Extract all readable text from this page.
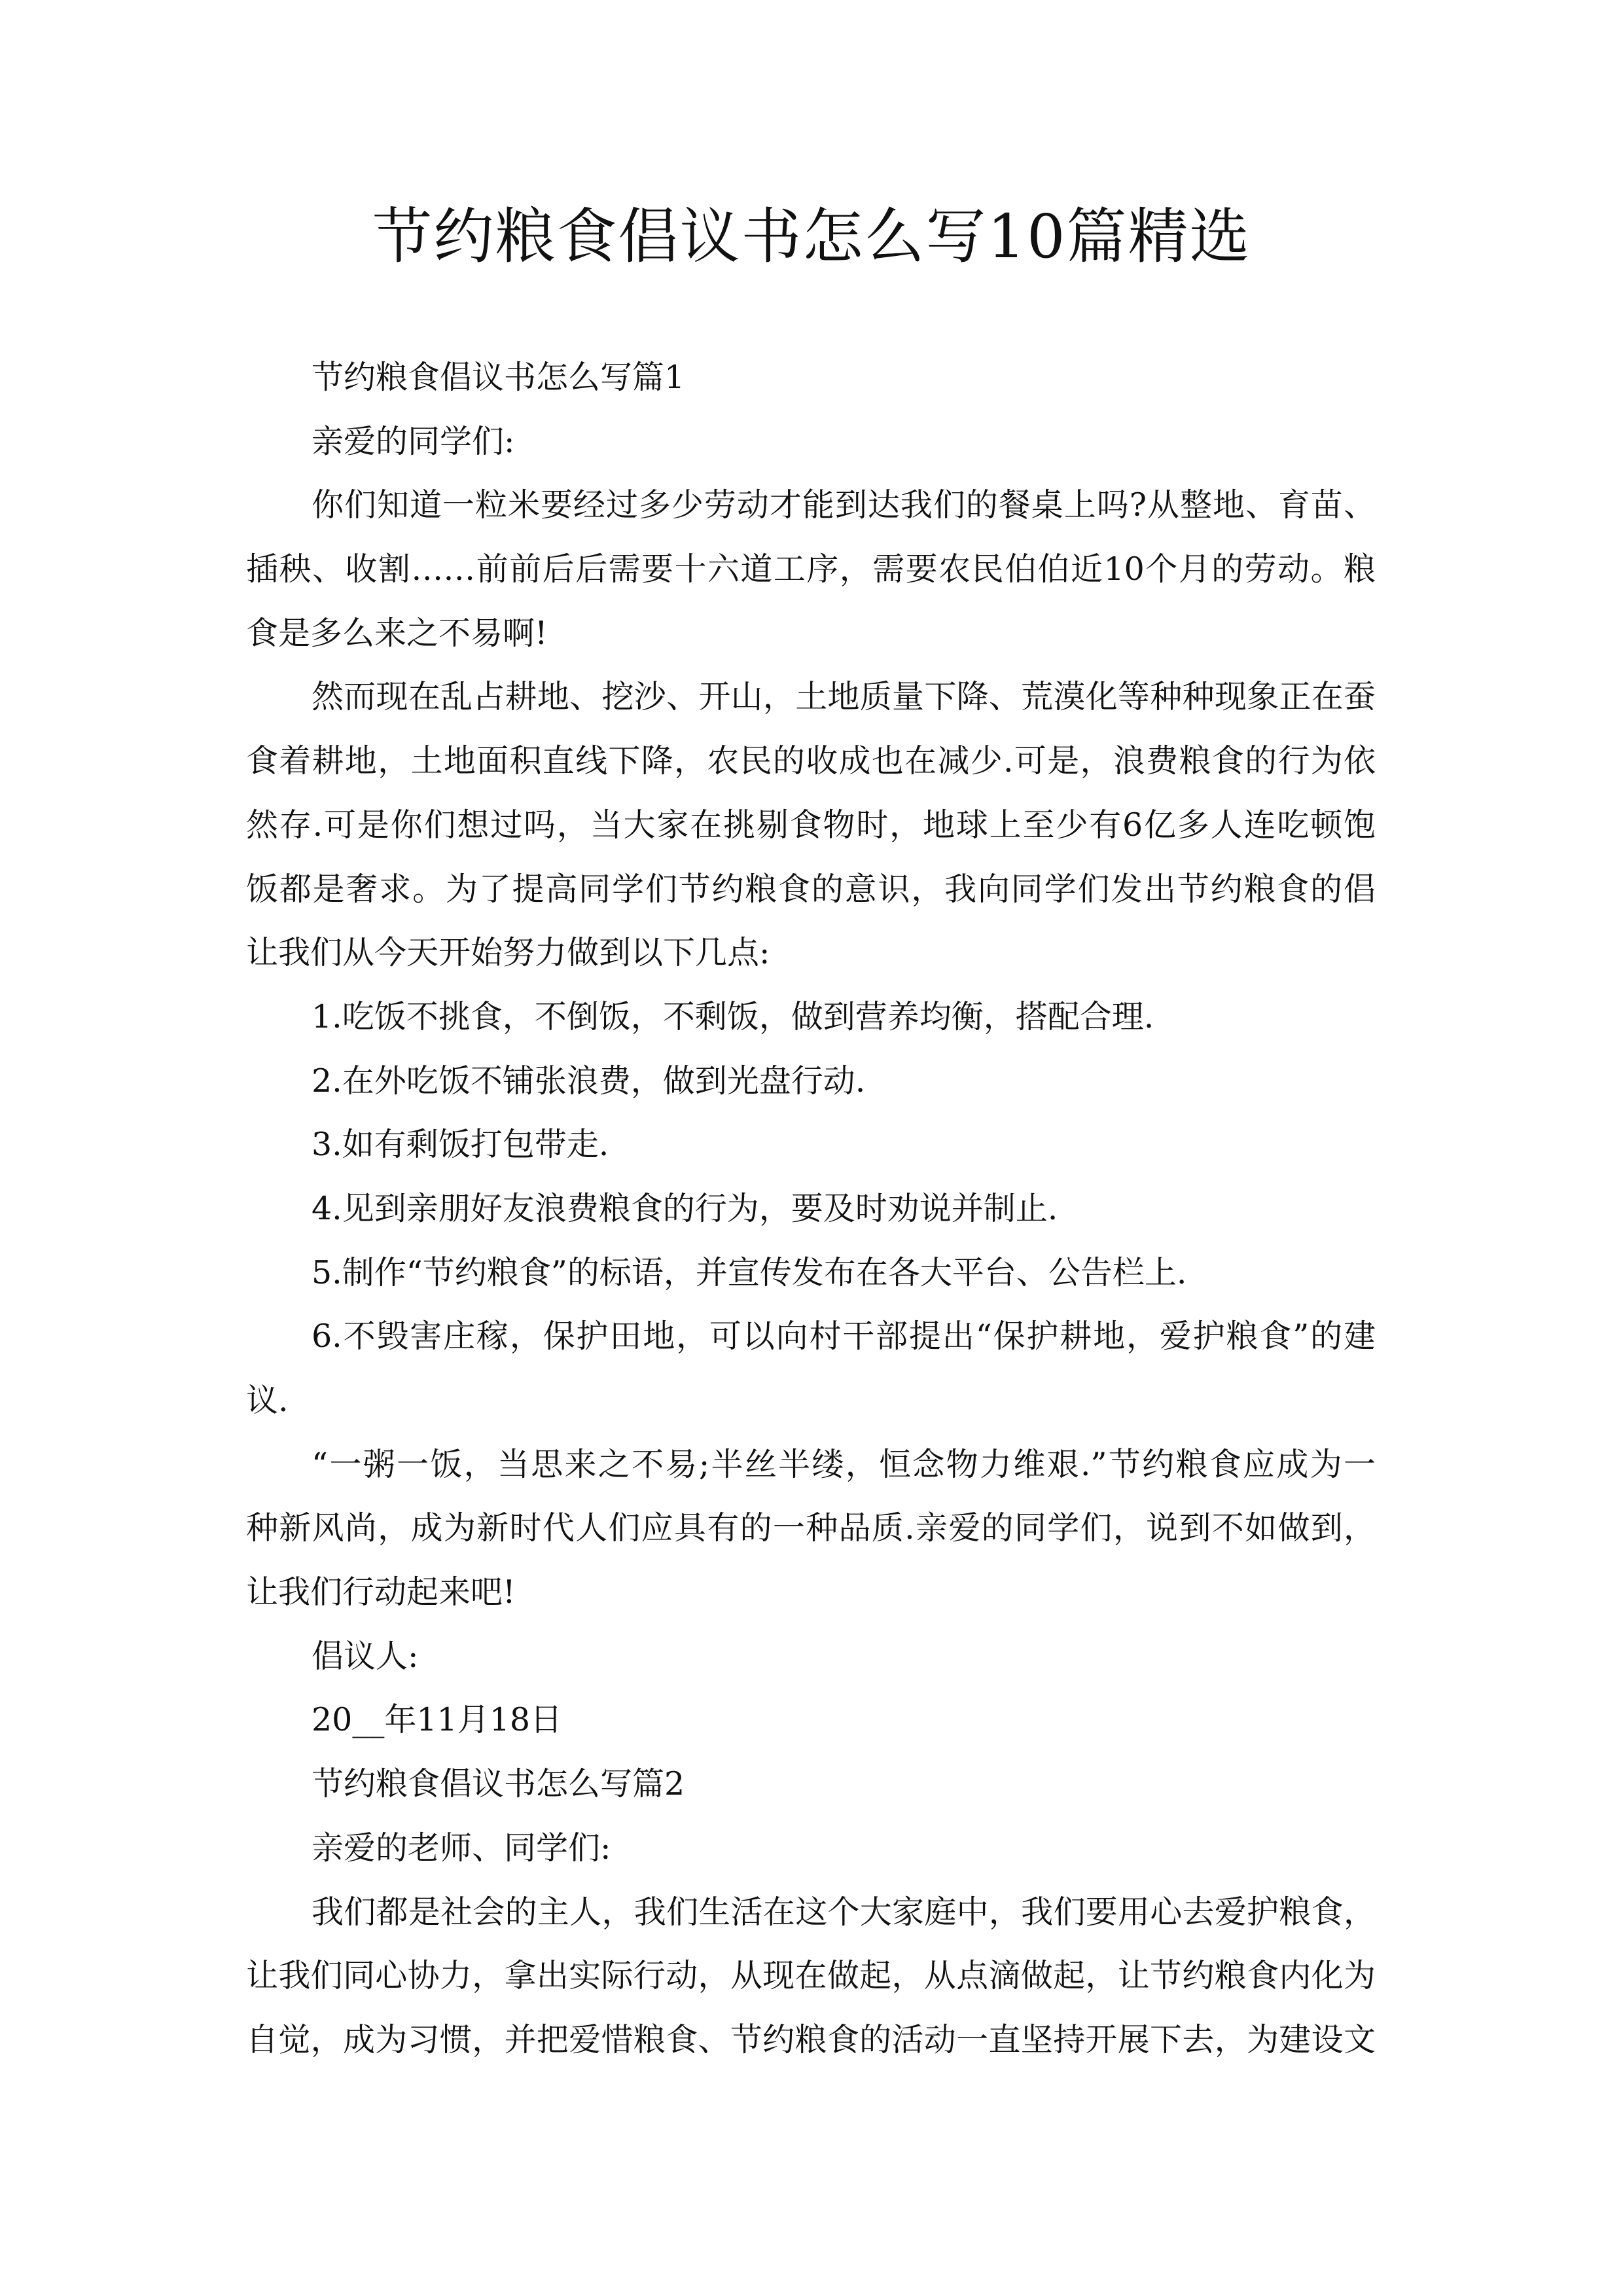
节约粮食倡议书怎么写10篇精选
节约粮食倡议书怎么写篇1
亲爱的同学们:
你们知道一粒米要经过多少劳动才能到达我们的餐桌上吗?从整地、育苗、
插秧、收割……前前后后需要十六道工序，需要农民伯伯近10个月的劳动。粮
食是多么来之不易啊!
然而现在乱占耕地、挖沙、开山，土地质量下降、荒漠化等种种现象正在蚕
食着耕地，土地面积直线下降，农民的收成也在减少.可是，浪费粮食的行为依
然存.可是你们想过吗，当大家在挑剔食物时，地球上至少有6亿多人连吃顿饱
饭都是奢求。为了提高同学们节约粮食的意识，我向同学们发出节约粮食的倡
让我们从今天开始努力做到以下几点:
1.吃饭不挑食，不倒饭，不剩饭，做到营养均衡，搭配合理.
2.在外吃饭不铺张浪费，做到光盘行动.
3.如有剩饭打包带走.
4.见到亲朋好友浪费粮食的行为，要及时劝说并制止.
5.制作“节约粮食”的标语，并宣传发布在各大平台、公告栏上.
6.不毁害庄稼，保护田地，可以向村干部提出“保护耕地，爱护粮食”的建
议.
“一粥一饭，当思来之不易;半丝半缕，恒念物力维艰.”节约粮食应成为一
种新风尚，成为新时代人们应具有的一种品质.亲爱的同学们，说到不如做到，
让我们行动起来吧!
倡议人:
20__年11月18日
节约粮食倡议书怎么写篇2
亲爱的老师、同学们:
我们都是社会的主人，我们生活在这个大家庭中，我们要用心去爱护粮食，
让我们同心协力，拿出实际行动，从现在做起，从点滴做起，让节约粮食内化为
自觉，成为习惯，并把爱惜粮食、节约粮食的活动一直坚持开展下去，为建设文
